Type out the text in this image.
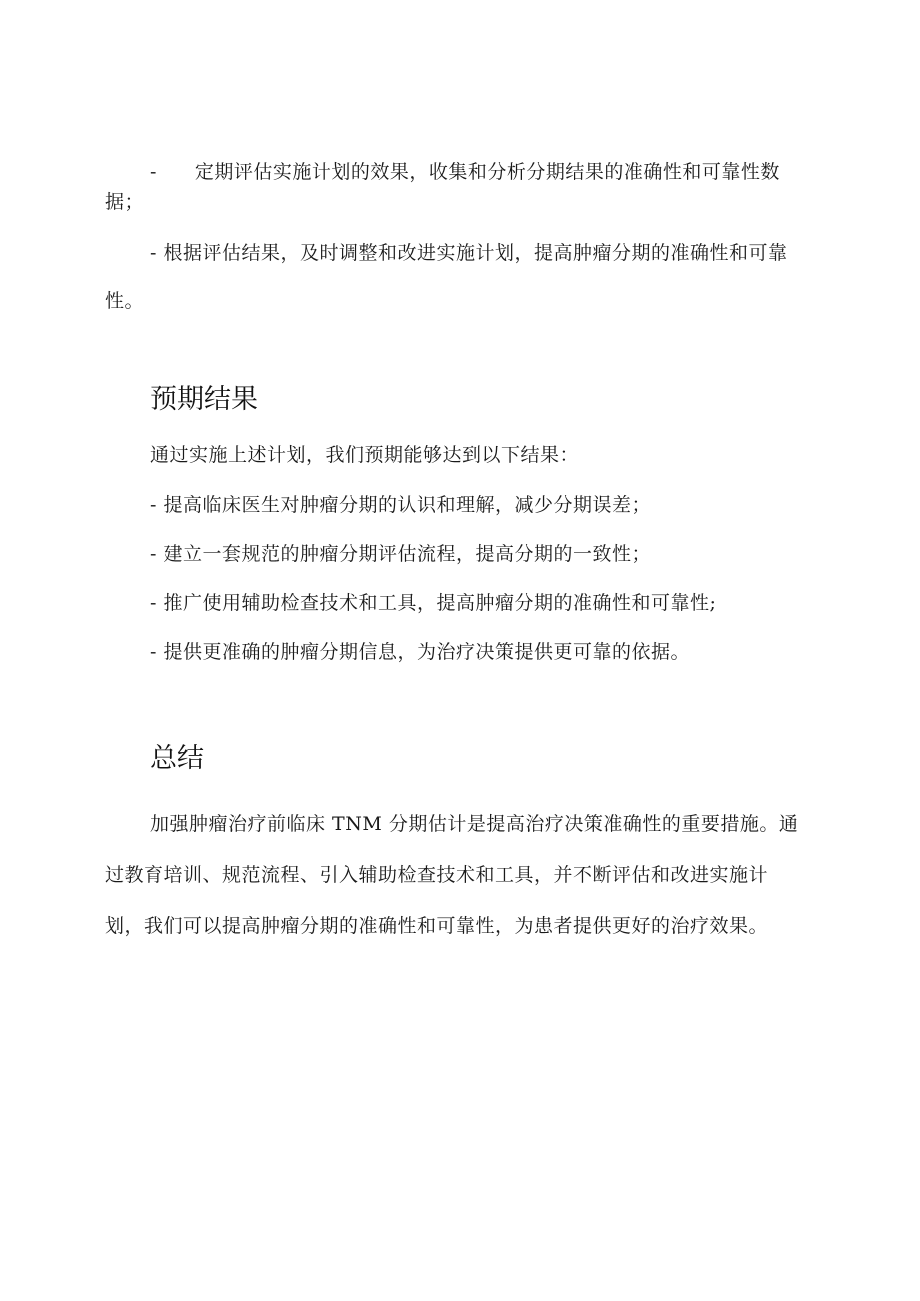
- 定期评估实施计划的效果，收集和分析分期结果的准确性和可靠性数据；

- 根据评估结果，及时调整和改进实施计划，提高肿瘤分期的准确性和可靠性。

预期结果

通过实施上述计划，我们预期能够达到以下结果：

- 提高临床医生对肿瘤分期的认识和理解，减少分期误差；

- 建立一套规范的肿瘤分期评估流程，提高分期的一致性；

- 推广使用辅助检查技术和工具，提高肿瘤分期的准确性和可靠性;

- 提供更准确的肿瘤分期信息，为治疗决策提供更可靠的依据。

总结

加强肿瘤治疗前临床 TNM 分期估计是提高治疗决策准确性的重要措施。通过教育培训、规范流程、引入辅助检查技术和工具，并不断评估和改进实施计划，我们可以提高肿瘤分期的准确性和可靠性，为患者提供更好的治疗效果。
